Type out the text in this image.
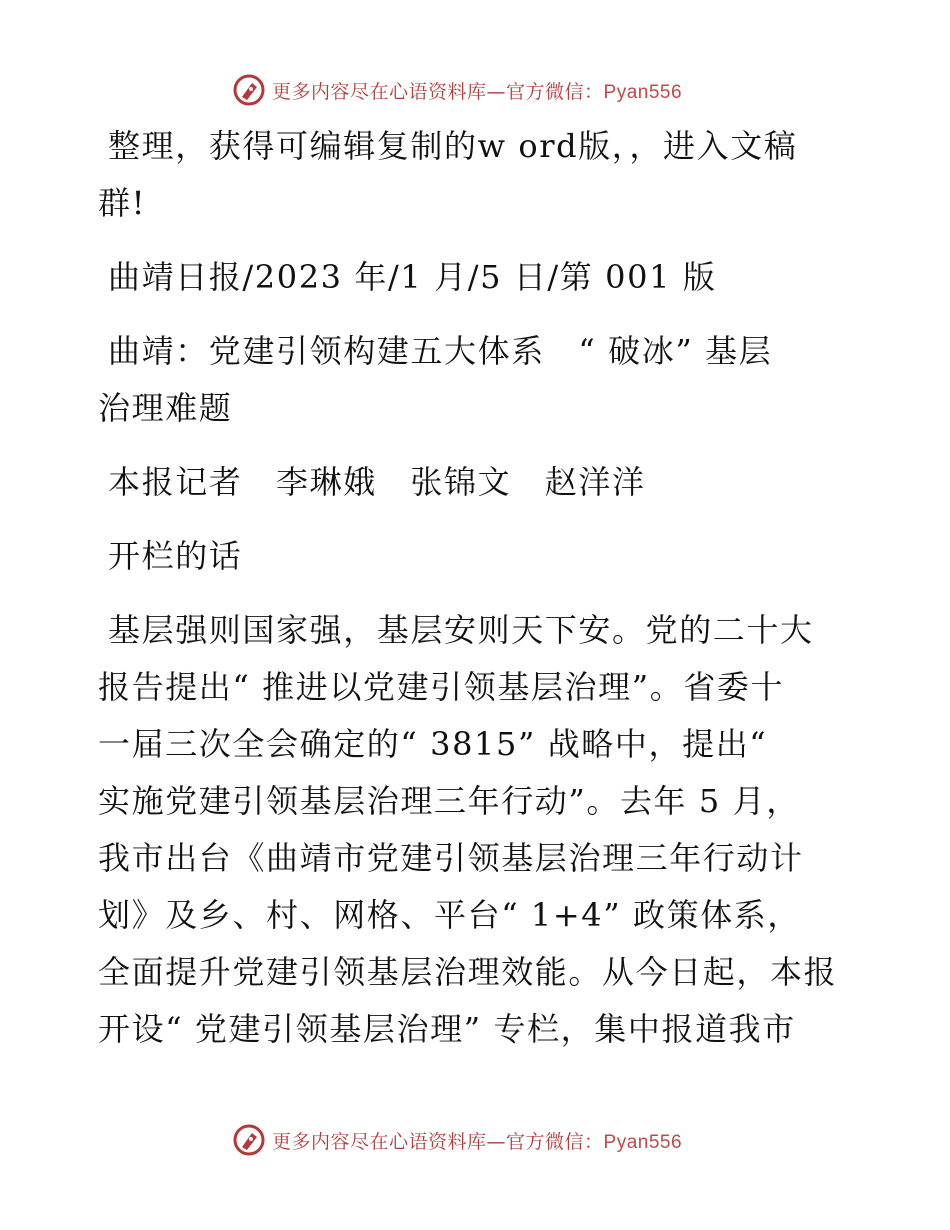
更多内容尽在心语资料库—官方微信：Pyan556
整理，获得可编辑复制的w ord版，，进入文稿
群!
曲靖日报/2023 年/1 月/5 日/第 001 版
曲靖：党建引领构建五大体系　“ 破冰” 基层
治理难题
本报记者　李琳娥　张锦文　赵洋洋
开栏的话
基层强则国家强，基层安则天下安。党的二十大
报告提出“ 推进以党建引领基层治理”。省委十
一届三次全会确定的“ 3815” 战略中，提出“
实施党建引领基层治理三年行动”。去年 5 月，
我市出台《曲靖市党建引领基层治理三年行动计
划》及乡、村、网格、平台“ 1+4” 政策体系，
全面提升党建引领基层治理效能。从今日起，本报
开设“ 党建引领基层治理” 专栏，集中报道我市
更多内容尽在心语资料库—官方微信：Pyan556
